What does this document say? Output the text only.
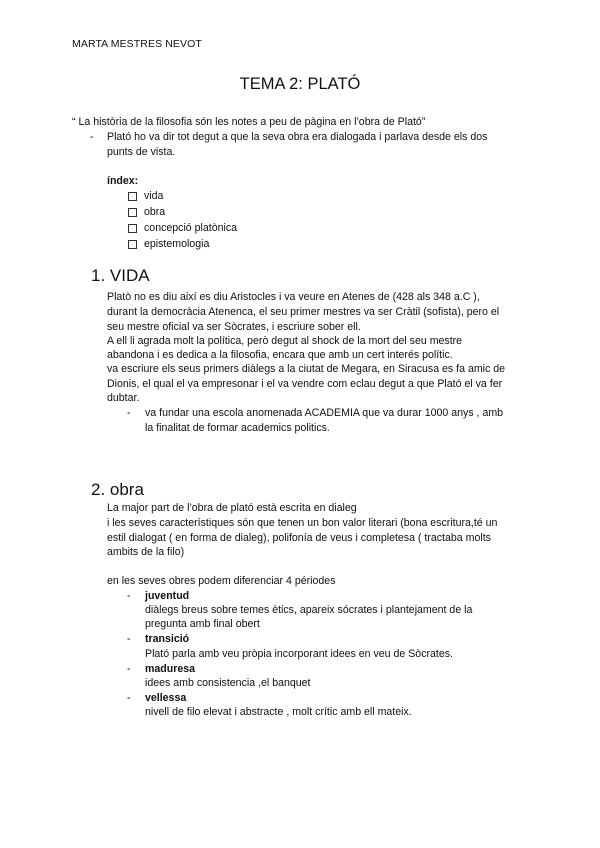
MARTA MESTRES NEVOT
TEMA 2: PLATÓ
“ La història de la filosofia són les notes a peu de pàgina en l’obra de Plató”
- Plató ho va dir tot degut a que la seva obra era dialogada i parlava desde els dos
punts de vista.
índex:
vida
obra
concepció platònica
epistemologia
1. VIDA
Platò no es diu així es diu Aristocles i va veure en Atenes de (428 als 348 a.C ),
durant la democràcia Atenenca, el seu primer mestres va ser Cràtil (sofista), pero el
seu mestre oficial va ser Sòcrates, i escriure sober ell.
A ell li agrada molt la política, però degut al shock de la mort del seu mestre
abandona i es dedica a la filosofia, encara que amb un cert interés polític.
va escriure els seus primers diàlegs a la ciutat de Megara, en Siracusa es fa amic de
Dionis, el qual el va empresonar i el va vendre com eclau degut a que Plató el va fer
dubtar.
- va fundar una escola anomenada ACADEMIA que va durar 1000 anys , amb
la finalitat de formar academics politics.
2. obra
La major part de l’obra de plató està escrita en dialeg
i les seves característiques són que tenen un bon valor literari (bona escritura,té un
estil dialogat ( en forma de dialeg), polifonía de veus i completesa ( tractaba molts
ambits de la filo)
en les seves obres podem diferenciar 4 périodes
- juventud
diàlegs breus sobre temes ètics, apareix sócrates i plantejament de la
pregunta amb final obert
- transició
Plató parla amb veu pròpia incorporant idees en veu de Sòcrates.
- maduresa
idees amb consistencia ,el banquet
- vellessa
nivell de filo elevat i abstracte , molt crític amb ell mateix.
